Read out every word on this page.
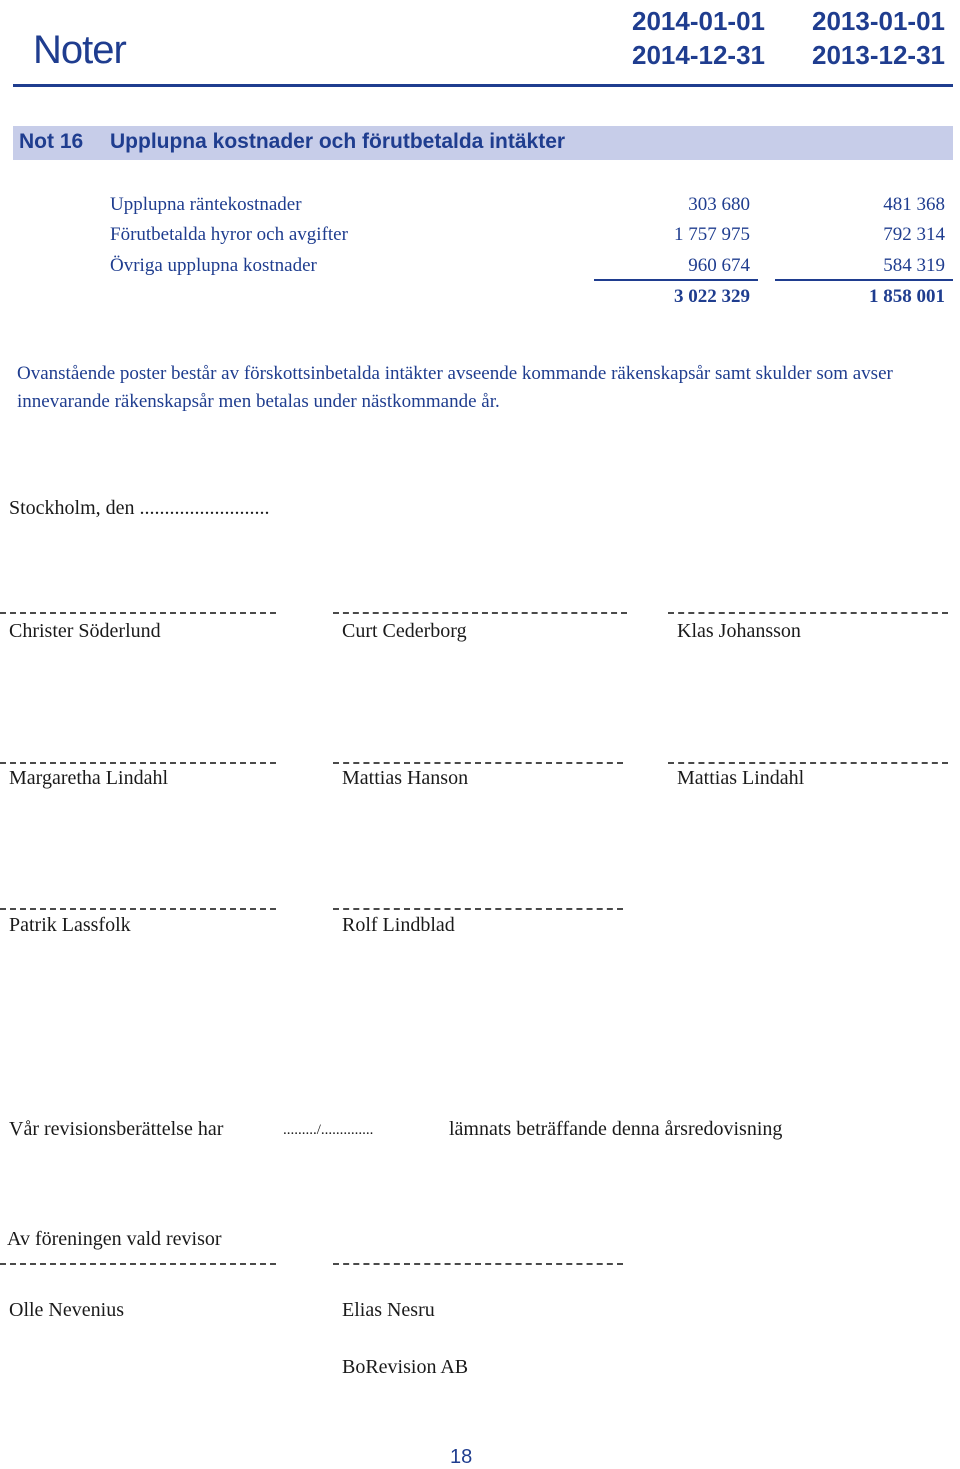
Noter
2014-01-01
2014-12-31
2013-01-01
2013-12-31
Not 16 Upplupna kostnader och förutbetalda intäkter
Upplupna räntekostnader	303 680	481 368
Förutbetalda hyror och avgifter	1 757 975	792 314
Övriga upplupna kostnader	960 674	584 319
3 022 329	1 858 001
Ovanstående poster består av förskottsinbetalda intäkter avseende kommande räkenskapsår samt skulder som avser innevarande räkenskapsår men betalas under nästkommande år.
Stockholm, den ..........................
Christer Söderlund	Curt Cederborg	Klas Johansson
Margaretha Lindahl	Mattias Hanson	Mattias Lindahl
Patrik Lassfolk	Rolf Lindblad
Vår revisionsberättelse har	........./..............	lämnats beträffande denna årsredovisning
Av föreningen vald revisor
Olle Nevenius	Elias Nesru
BoRevision AB
18
